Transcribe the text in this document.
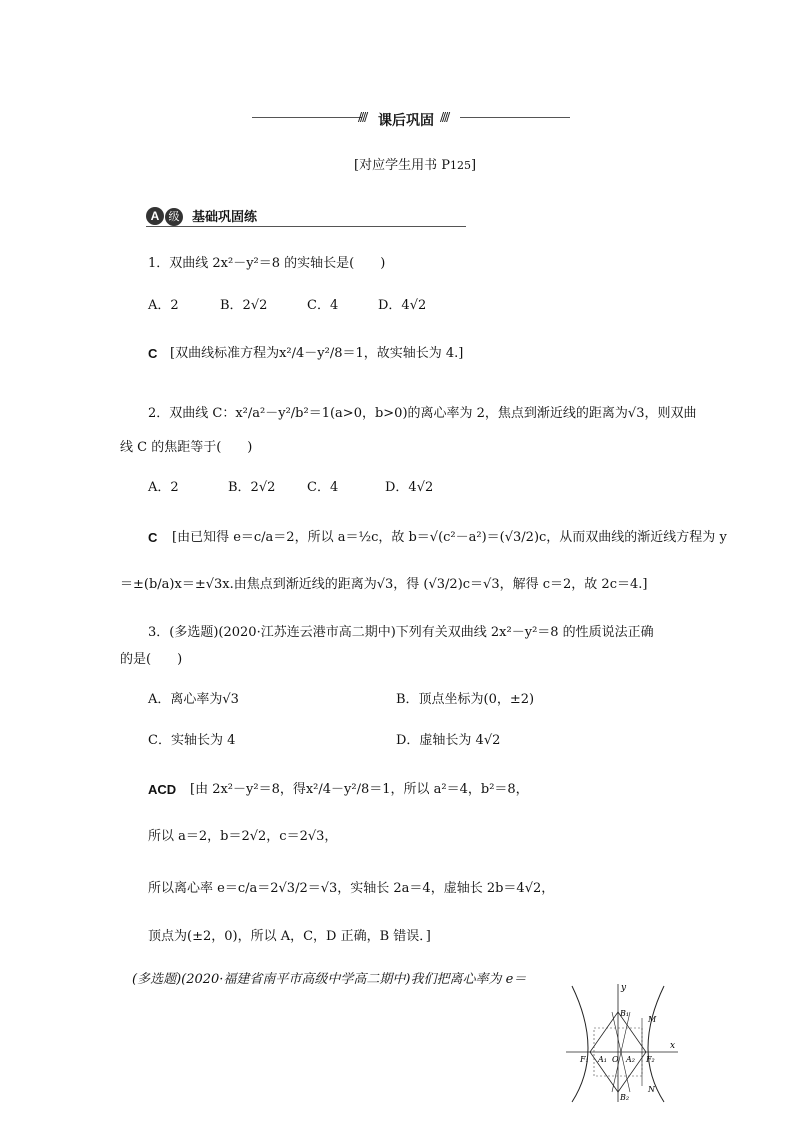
//// 课后巩固 ////
[对应学生用书 P125]
A 级 基础巩固练
1．双曲线 2x²－y²＝8 的实轴长是(　　)
A．2	B．2√2	C．4	D．4√2
C [双曲线标准方程为x²/4－y²/8＝1，故实轴长为 4.]
2．双曲线 C：x²/a²－y²/b²＝1(a>0，b>0)的离心率为 2，焦点到渐近线的距离为√3，则双曲
线 C 的焦距等于(　　)
A．2	B．2√2 C．4	D．4√2
C [由已知得 e＝c/a＝2，所以 a＝½c，故 b＝√(c²－a²)＝(√3/2)c，从而双曲线的渐近线方程为 y
＝±(b/a)x＝±√3x.由焦点到渐近线的距离为√3，得 (√3/2)c＝√3，解得 c＝2，故 2c＝4.]
3．(多选题)(2020·江苏连云港市高二期中)下列有关双曲线 2x²－y²＝8 的性质说法正确
的是(　　)
A．离心率为√3	B．顶点坐标为(0，±2)
C．实轴长为 4	D．虚轴长为 4√2
ACD [由 2x²－y²＝8，得x²/4－y²/8＝1，所以 a²＝4，b²＝8，
所以 a＝2，b＝2√2，c＝2√3，
所以离心率 e＝c/a＝2√3/2＝√3，实轴长 2a＝4，虚轴长 2b＝4√2，
顶点为(±2，0)，所以 A，C，D 正确，B 错误．]
(多选题)(2020·福建省南平市高级中学高二期中)我们把离心率为 e＝
y
x
B₁
M
F₁ A₁ O A₂ F₂
B₂
N
